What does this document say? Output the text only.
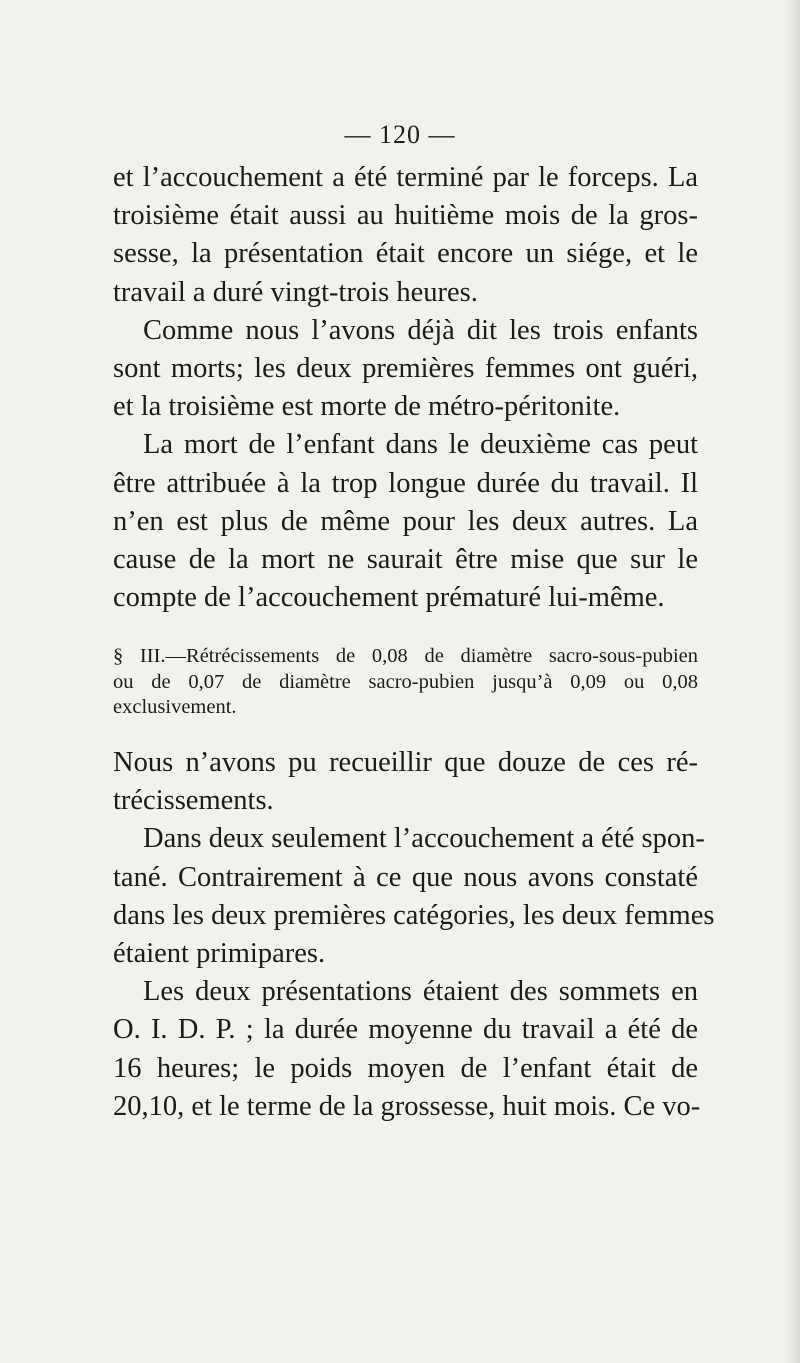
— 120 —

et l’accouchement a été terminé par le forceps. La
troisième était aussi au huitième mois de la gros-
sesse, la présentation était encore un siége, et le
travail a duré vingt-trois heures.

Comme nous l’avons déjà dit les trois enfants
sont morts; les deux premières femmes ont guéri,
et la troisième est morte de métro-péritonite.

La mort de l’enfant dans le deuxième cas peut
être attribuée à la trop longue durée du travail. Il
n’en est plus de même pour les deux autres. La
cause de la mort ne saurait être mise que sur le
compte de l’accouchement prématuré lui-même.

§ III.—Rétrécissements de 0,08 de diamètre sacro-sous-pubien
ou de 0,07 de diamètre sacro-pubien jusqu’à 0,09 ou 0,08
exclusivement.

Nous n’avons pu recueillir que douze de ces ré-
trécissements.

Dans deux seulement l’accouchement a été spon-
tané. Contrairement à ce que nous avons constaté
dans les deux premières catégories, les deux femmes
étaient primipares.

Les deux présentations étaient des sommets en
O. I. D. P. ; la durée moyenne du travail a été de
16 heures; le poids moyen de l’enfant était de
20,10, et le terme de la grossesse, huit mois. Ce vo-
